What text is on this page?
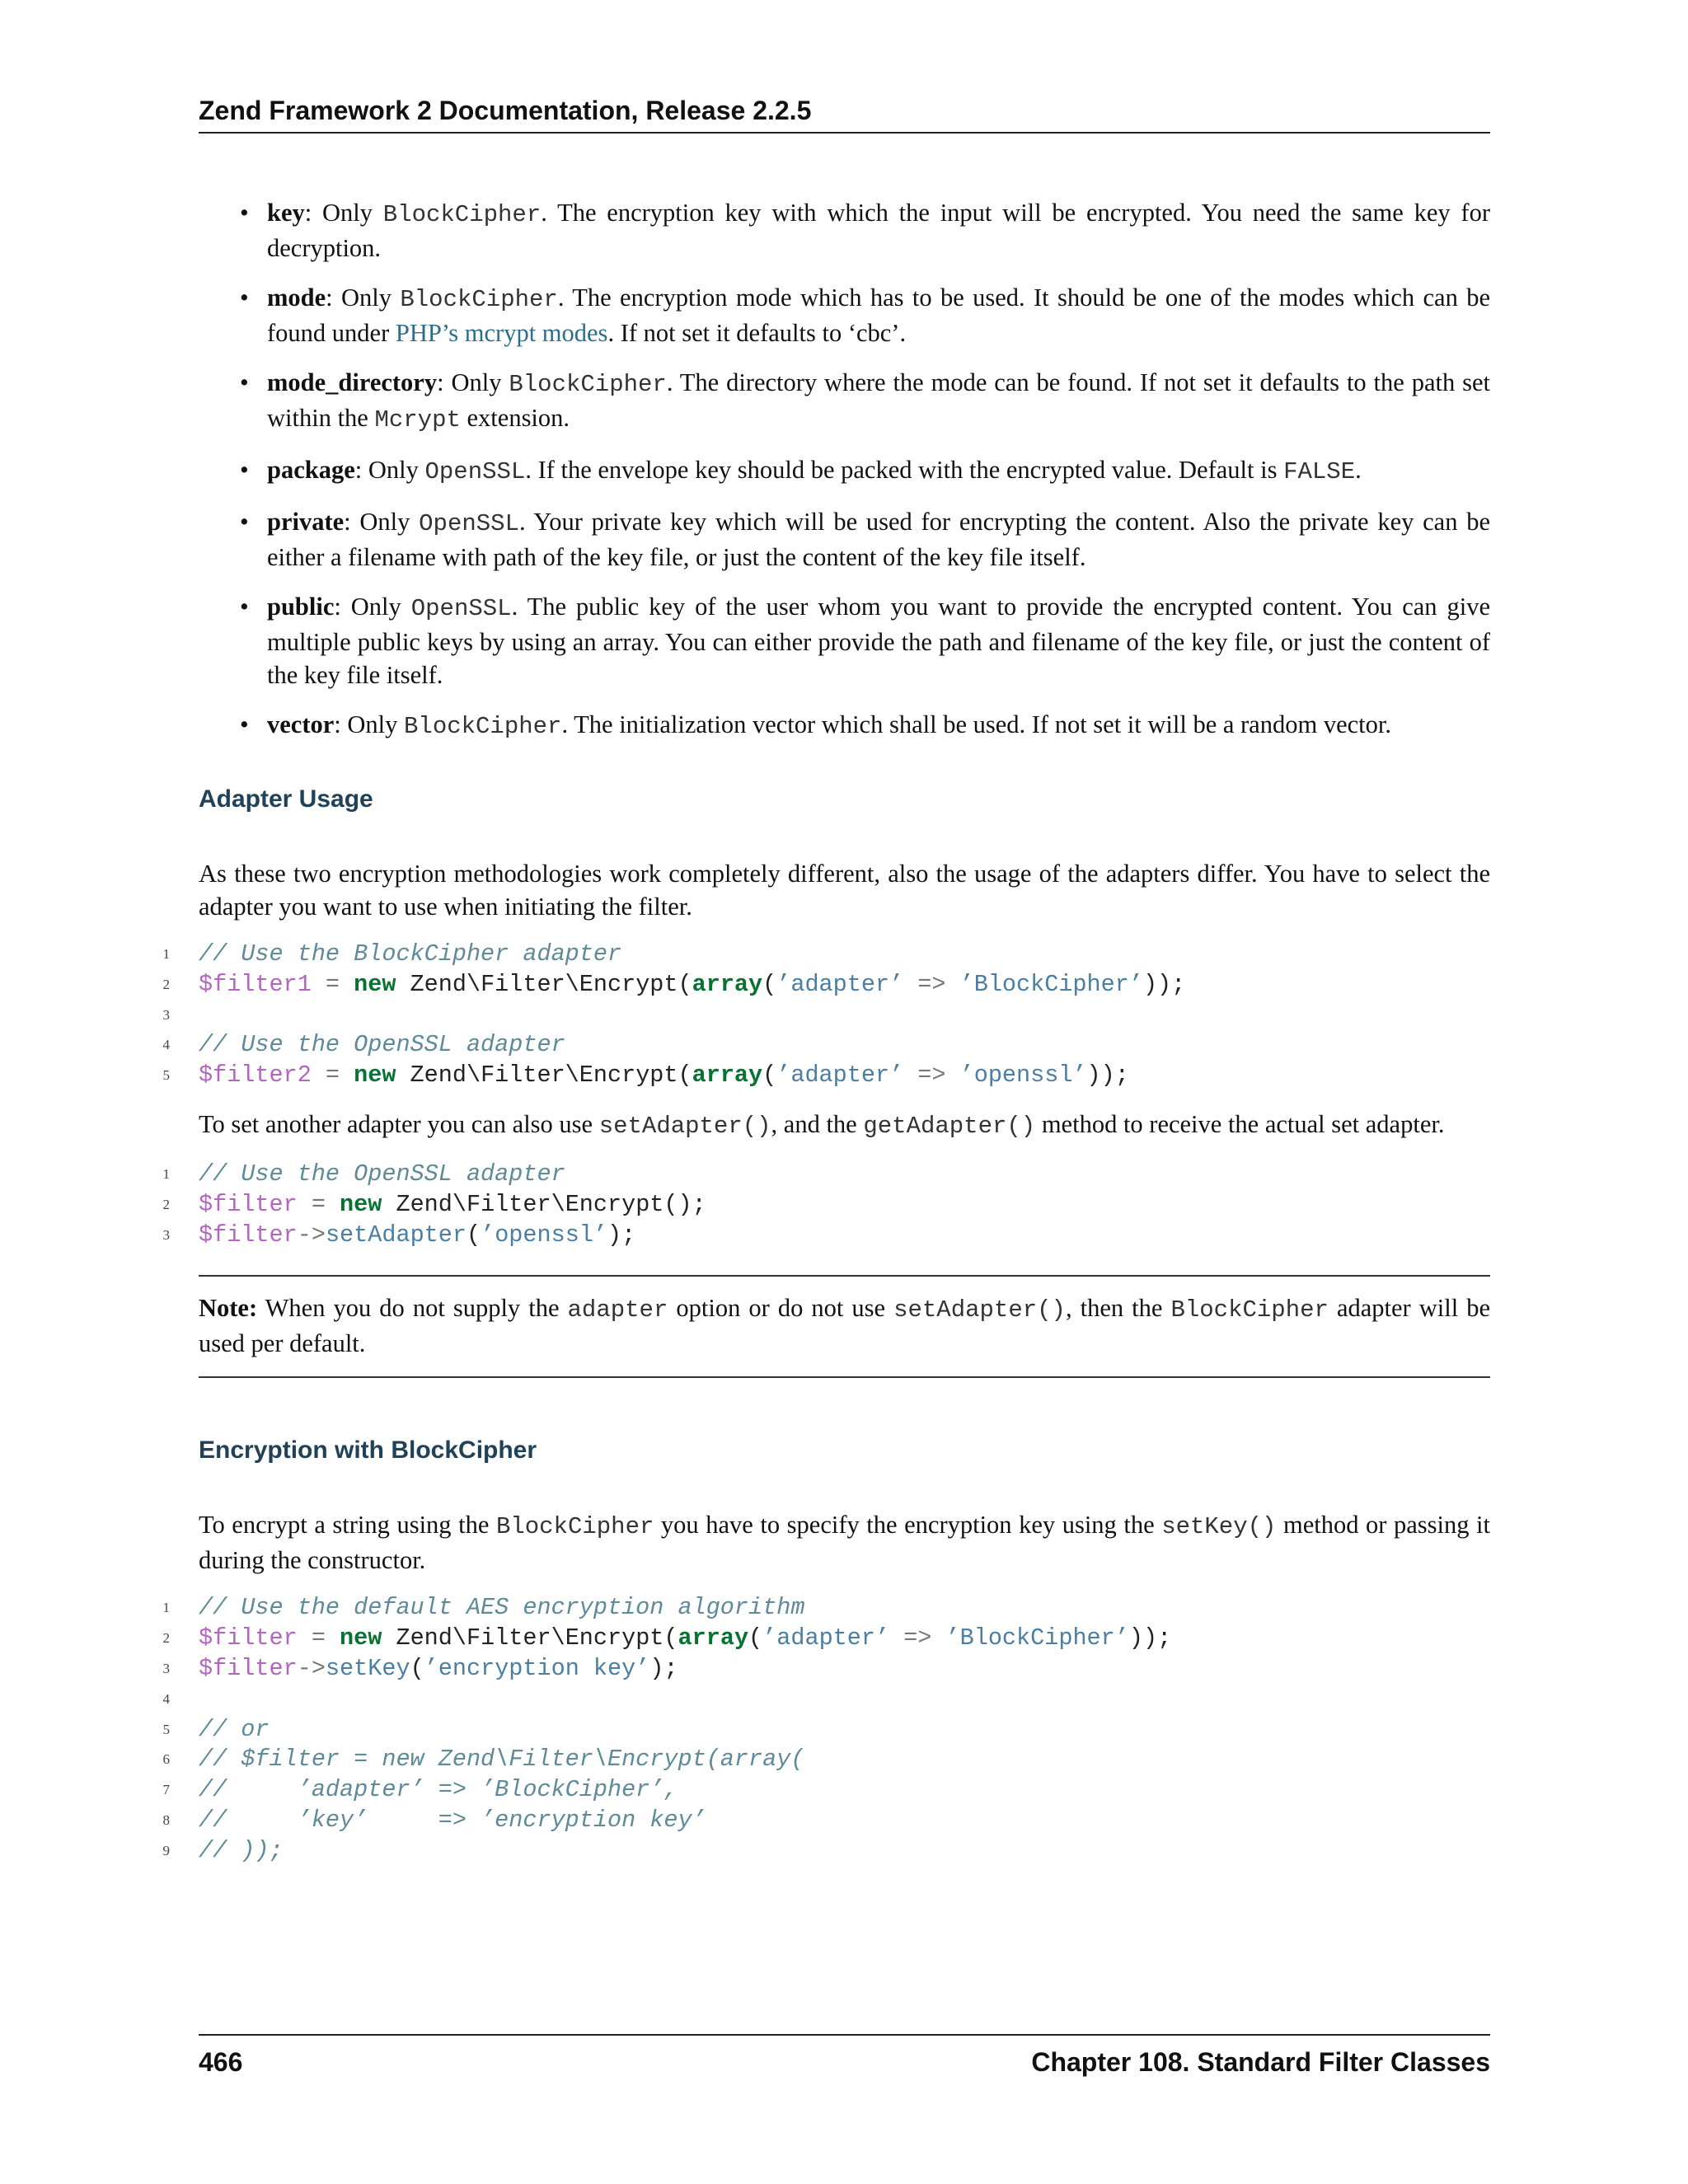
Zend Framework 2 Documentation, Release 2.2.5
• key: Only BlockCipher. The encryption key with which the input will be encrypted. You need the same key for decryption.
• mode: Only BlockCipher. The encryption mode which has to be used. It should be one of the modes which can be found under PHP’s mcrypt modes. If not set it defaults to ‘cbc’.
• mode_directory: Only BlockCipher. The directory where the mode can be found. If not set it defaults to the path set within the Mcrypt extension.
• package: Only OpenSSL. If the envelope key should be packed with the encrypted value. Default is FALSE.
• private: Only OpenSSL. Your private key which will be used for encrypting the content. Also the private key can be either a filename with path of the key file, or just the content of the key file itself.
• public: Only OpenSSL. The public key of the user whom you want to provide the encrypted content. You can give multiple public keys by using an array. You can either provide the path and filename of the key file, or just the content of the key file itself.
• vector: Only BlockCipher. The initialization vector which shall be used. If not set it will be a random vector.
Adapter Usage

As these two encryption methodologies work completely different, also the usage of the adapters differ. You have to select the adapter you want to use when initiating the filter.

1 // Use the BlockCipher adapter
2 $filter1 = new Zend\Filter\Encrypt(array(’adapter’ => ’BlockCipher’));
3
4 // Use the OpenSSL adapter
5 $filter2 = new Zend\Filter\Encrypt(array(’adapter’ => ’openssl’));

To set another adapter you can also use setAdapter(), and the getAdapter() method to receive the actual set adapter.

1 // Use the OpenSSL adapter
2 $filter = new Zend\Filter\Encrypt();
3 $filter->setAdapter(’openssl’);

Note: When you do not supply the adapter option or do not use setAdapter(), then the BlockCipher adapter will be used per default.

Encryption with BlockCipher

To encrypt a string using the BlockCipher you have to specify the encryption key using the setKey() method or passing it during the constructor.

1 // Use the default AES encryption algorithm
2 $filter = new Zend\Filter\Encrypt(array(’adapter’ => ’BlockCipher’));
3 $filter->setKey(’encryption key’);
4
5 // or
6 // $filter = new Zend\Filter\Encrypt(array(
7 //     ’adapter’ => ’BlockCipher’,
8 //     ’key’     => ’encryption key’
9 // ));
466	Chapter 108. Standard Filter Classes
